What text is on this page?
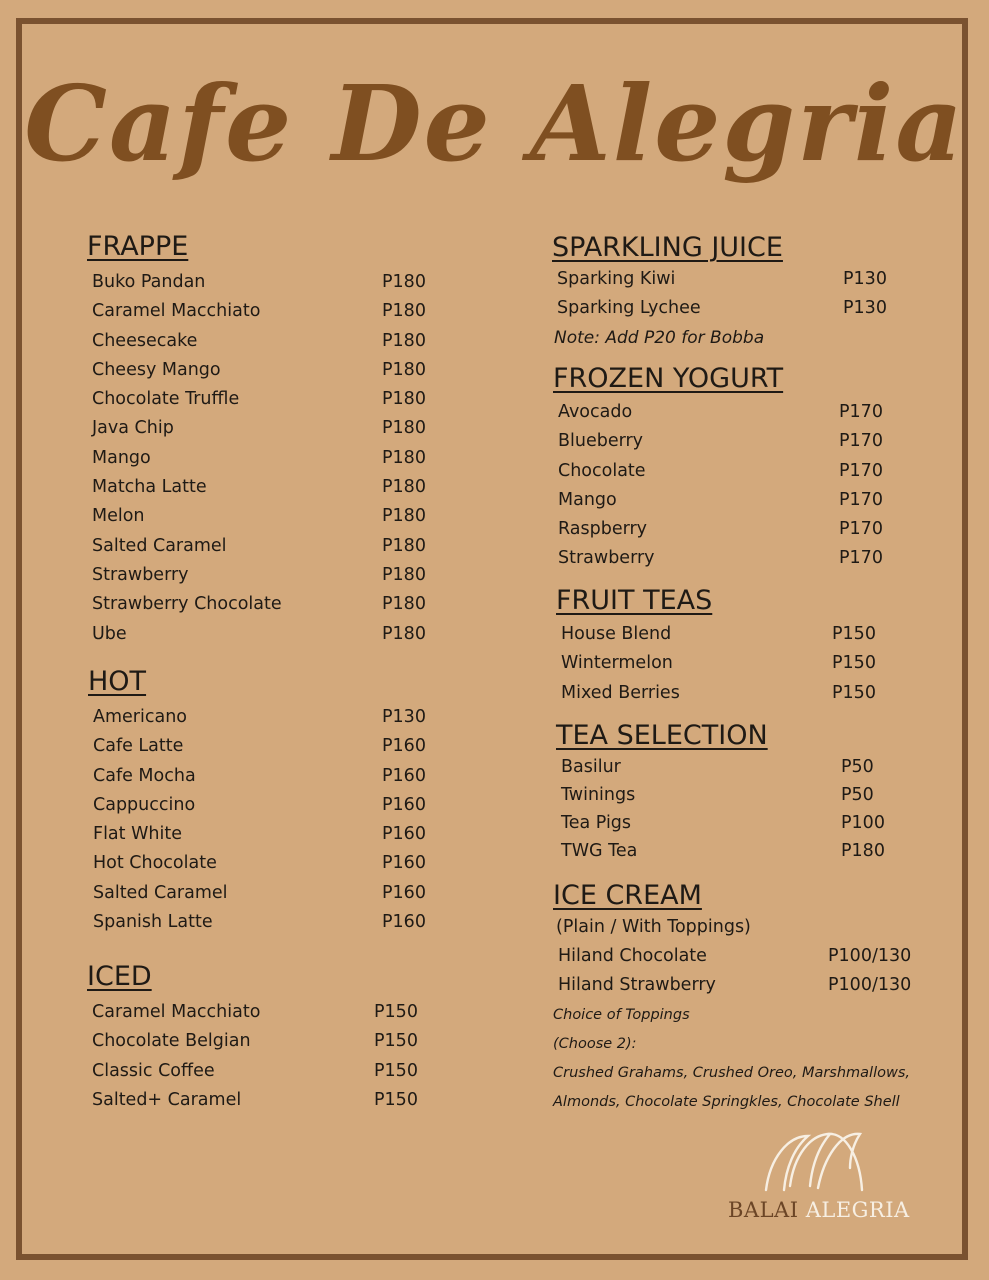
Cafe De Alegria
FRAPPE
Buko Pandan	P180
Caramel Macchiato	P180
Cheesecake	P180
Cheesy Mango	P180
Chocolate Truffle	P180
Java Chip	P180
Mango	P180
Matcha Latte	P180
Melon	P180
Salted Caramel	P180
Strawberry	P180
Strawberry Chocolate	P180
Ube	P180
HOT
Americano	P130
Cafe Latte	P160
Cafe Mocha	P160
Cappuccino	P160
Flat White	P160
Hot Chocolate	P160
Salted Caramel	P160
Spanish Latte	P160
ICED
Caramel Macchiato	P150
Chocolate Belgian	P150
Classic Coffee	P150
Salted+ Caramel	P150
SPARKLING JUICE
Sparking Kiwi	P130
Sparking Lychee	P130
Note: Add P20 for Bobba
FROZEN YOGURT
Avocado	P170
Blueberry	P170
Chocolate	P170
Mango	P170
Raspberry	P170
Strawberry	P170
FRUIT TEAS
House Blend	P150
Wintermelon	P150
Mixed Berries	P150
TEA SELECTION
Basilur	P50
Twinings	P50
Tea Pigs	P100
TWG Tea	P180
ICE CREAM
(Plain / With Toppings)
Hiland Chocolate	P100/130
Hiland Strawberry	P100/130
Choice of Toppings
(Choose 2):
Crushed Grahams, Crushed Oreo, Marshmallows,
Almonds, Chocolate Springkles, Chocolate Shell
BALAI ALEGRIA
